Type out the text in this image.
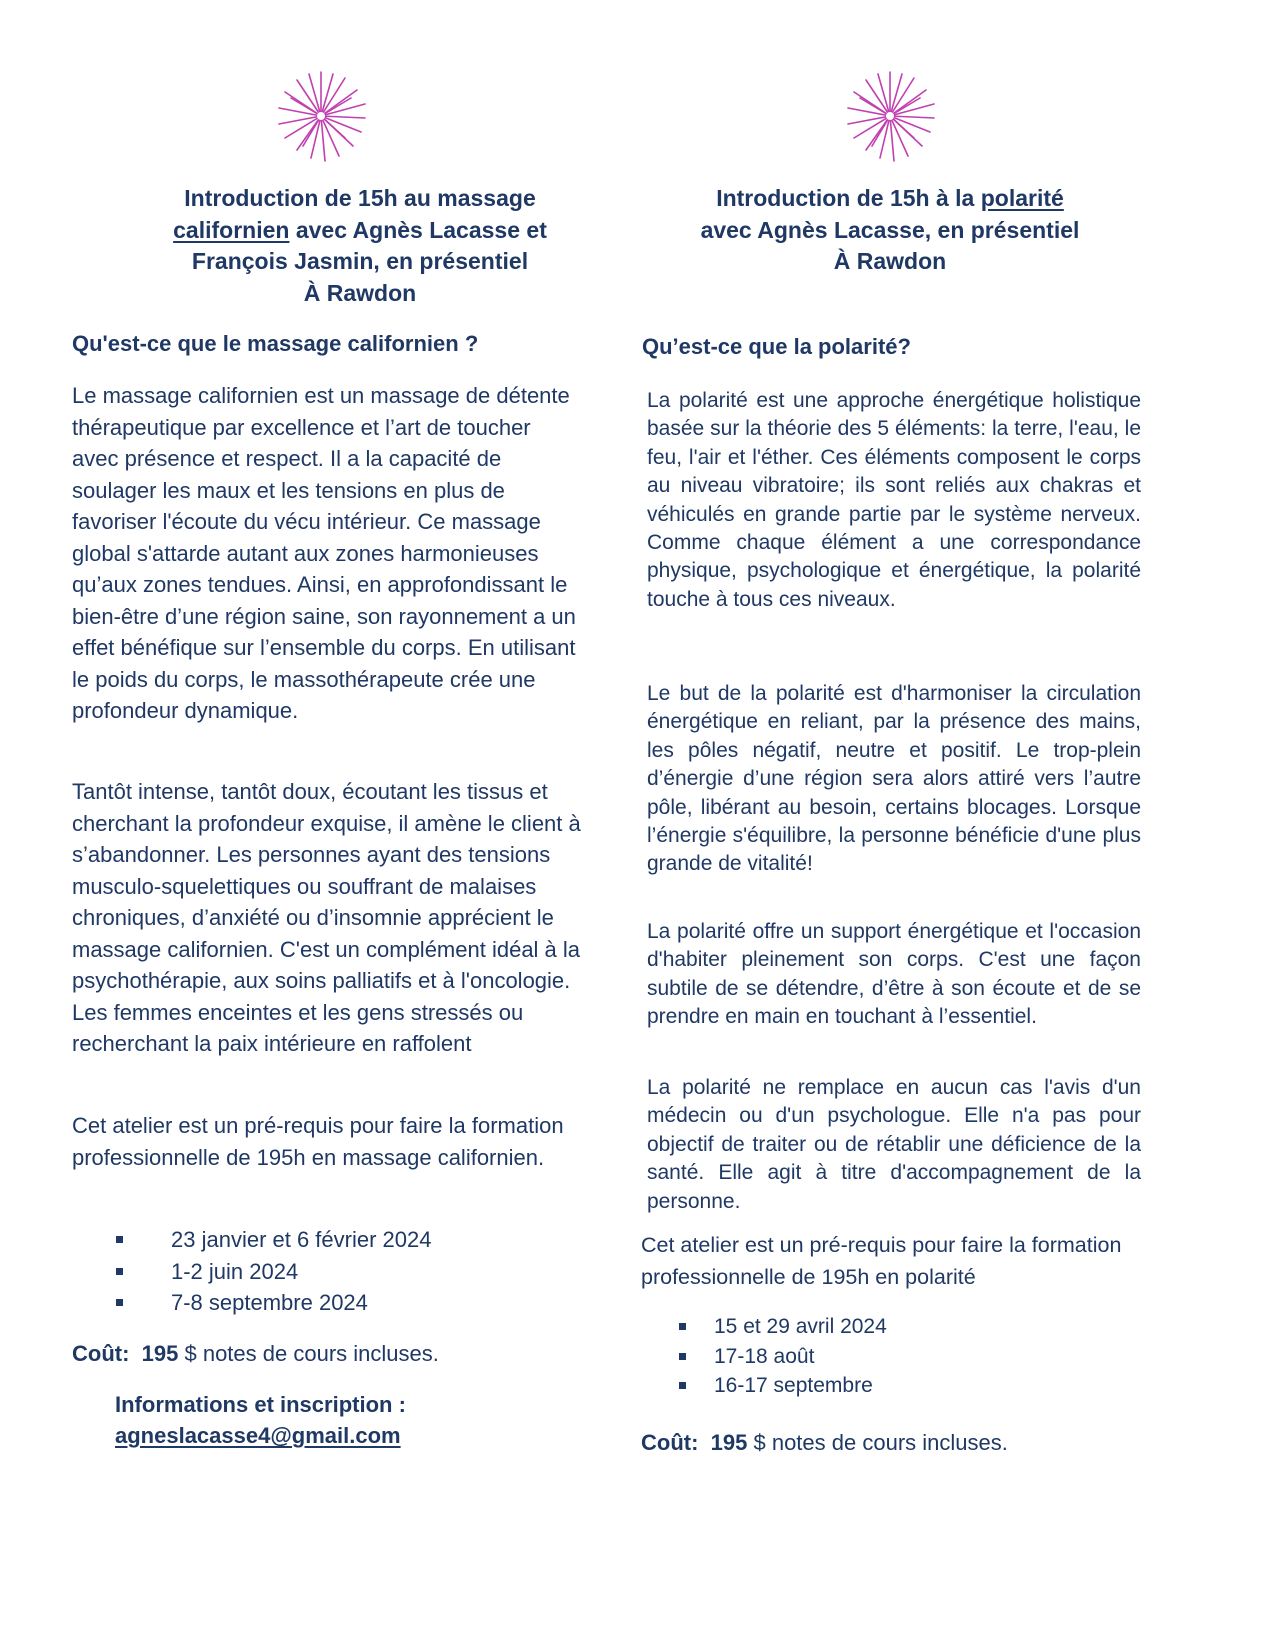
Introduction de 15h au massage
californien avec Agnès Lacasse et
François Jasmin, en présentiel
À Rawdon
Qu'est-ce que le massage californien ?
Le massage californien est un massage de détente thérapeutique par excellence et l’art de toucher avec présence et respect. Il a la capacité de soulager les maux et les tensions en plus de favoriser l'écoute du vécu intérieur. Ce massage global s'attarde autant aux zones harmonieuses qu’aux zones tendues. Ainsi, en approfondissant le bien-être d’une région saine, son rayonnement a un effet bénéfique sur l’ensemble du corps. En utilisant le poids du corps, le massothérapeute crée une profondeur dynamique.
Tantôt intense, tantôt doux, écoutant les tissus et cherchant la profondeur exquise, il amène le client à s’abandonner. Les personnes ayant des tensions musculo-squelettiques ou souffrant de malaises chroniques, d’anxiété ou d’insomnie apprécient le massage californien. C'est un complément idéal à la psychothérapie, aux soins palliatifs et à l'oncologie. Les femmes enceintes et les gens stressés ou recherchant la paix intérieure en raffolent
Cet atelier est un pré-requis pour faire la formation professionnelle de 195h en massage californien.
23 janvier et 6 février 2024
1-2 juin 2024
7-8 septembre 2024
Coût: 195 $ notes de cours incluses.
Informations et inscription :
agneslacasse4@gmail.com
Introduction de 15h à la polarité
avec Agnès Lacasse, en présentiel
À Rawdon
Qu’est-ce que la polarité?
La polarité est une approche énergétique holistique basée sur la théorie des 5 éléments: la terre, l'eau, le feu, l'air et l'éther. Ces éléments composent le corps au niveau vibratoire; ils sont reliés aux chakras et véhiculés en grande partie par le système nerveux. Comme chaque élément a une correspondance physique, psychologique et énergétique, la polarité touche à tous ces niveaux.
Le but de la polarité est d'harmoniser la circulation énergétique en reliant, par la présence des mains, les pôles négatif, neutre et positif. Le trop-plein d’énergie d’une région sera alors attiré vers l’autre pôle, libérant au besoin, certains blocages. Lorsque l’énergie s'équilibre, la personne bénéficie d'une plus grande de vitalité!
La polarité offre un support énergétique et l'occasion d'habiter pleinement son corps. C'est une façon subtile de se détendre, d’être à son écoute et de se prendre en main en touchant à l’essentiel.
La polarité ne remplace en aucun cas l'avis d'un médecin ou d'un psychologue. Elle n'a pas pour objectif de traiter ou de rétablir une déficience de la santé. Elle agit à titre d'accompagnement de la personne.
Cet atelier est un pré-requis pour faire la formation professionnelle de 195h en polarité
15 et 29 avril 2024
17-18 août
16-17 septembre
Coût: 195 $ notes de cours incluses.
